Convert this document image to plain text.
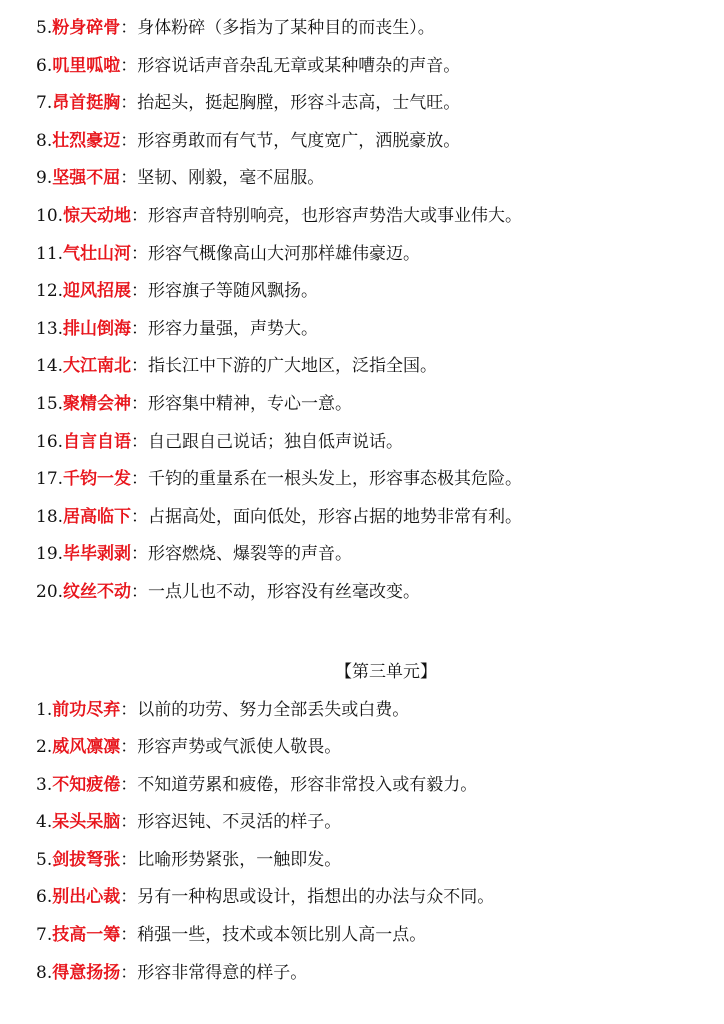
5.粉身碎骨：身体粉碎（多指为了某种目的而丧生）。
6.叽里呱啦：形容说话声音杂乱无章或某种嘈杂的声音。
7.昂首挺胸：抬起头，挺起胸膛，形容斗志高，士气旺。
8.壮烈豪迈：形容勇敢而有气节，气度宽广，洒脱豪放。
9.坚强不屈：坚韧、刚毅，毫不屈服。
10.惊天动地：形容声音特别响亮，也形容声势浩大或事业伟大。
11.气壮山河：形容气概像高山大河那样雄伟豪迈。
12.迎风招展：形容旗子等随风飘扬。
13.排山倒海：形容力量强，声势大。
14.大江南北：指长江中下游的广大地区，泛指全国。
15.聚精会神：形容集中精神，专心一意。
16.自言自语：自己跟自己说话；独自低声说话。
17.千钧一发：千钧的重量系在一根头发上，形容事态极其危险。
18.居高临下：占据高处，面向低处，形容占据的地势非常有利。
19.毕毕剥剥：形容燃烧、爆裂等的声音。
20.纹丝不动：一点儿也不动，形容没有丝毫改变。
【第三单元】
1.前功尽弃：以前的功劳、努力全部丢失或白费。
2.威风凛凛：形容声势或气派使人敬畏。
3.不知疲倦：不知道劳累和疲倦，形容非常投入或有毅力。
4.呆头呆脑：形容迟钝、不灵活的样子。
5.剑拔弩张：比喻形势紧张，一触即发。
6.别出心裁：另有一种构思或设计，指想出的办法与众不同。
7.技高一筹：稍强一些，技术或本领比别人高一点。
8.得意扬扬：形容非常得意的样子。
